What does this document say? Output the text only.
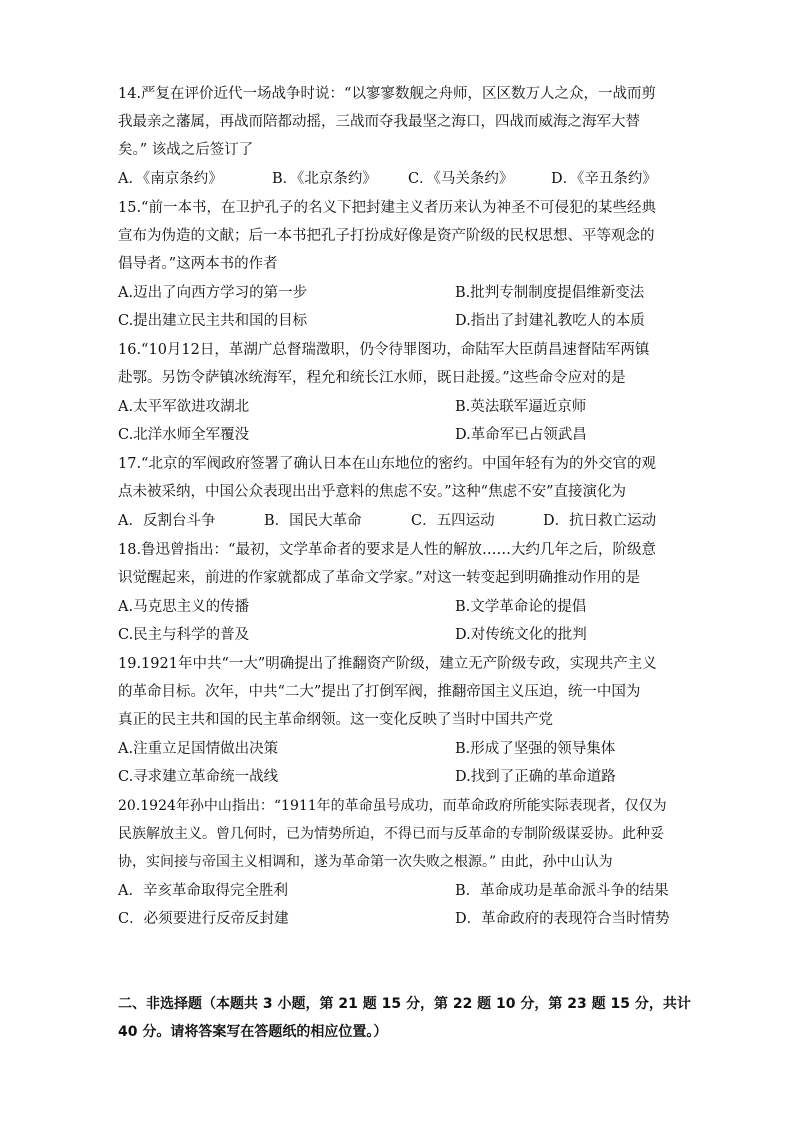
14.严复在评价近代一场战争时说：“以寥寥数舰之舟师，区区数万人之众，一战而剪
我最亲之藩属，再战而陪都动摇，三战而夺我最坚之海口，四战而威海之海军大替
矣。” 该战之后签订了
A．《南京条约》	B．《北京条约》 C．《马关条约》	D．《辛丑条约》
15.“前一本书，在卫护孔子的名义下把封建主义者历来认为神圣不可侵犯的某些经典
宣布为伪造的文献；后一本书把孔子打扮成好像是资产阶级的民权思想、平等观念的
倡导者。”这两本书的作者
A.迈出了向西方学习的第一步	B.批判专制制度提倡维新变法
C.提出建立民主共和国的目标	D.指出了封建礼教吃人的本质
16.“10月12日，革湖广总督瑞澂职，仍令待罪图功，命陆军大臣荫昌速督陆军两镇
赴鄂。另饬令萨镇冰统海军，程允和统长江水师，既日赴援。”这些命令应对的是
A.太平军欲进攻湖北	B.英法联军逼近京师
C.北洋水师全军覆没	D.革命军已占领武昌
17.“北京的军阀政府签署了确认日本在山东地位的密约。中国年轻有为的外交官的观
点未被采纳，中国公众表现出出乎意料的焦虑不安。”这种“焦虑不安”直接演化为
A．反割台斗争	B．国民大革命	C．五四运动	D．抗日救亡运动
18.鲁迅曾指出：“最初，文学革命者的要求是人性的解放……大约几年之后，阶级意
识觉醒起来，前进的作家就都成了革命文学家。”对这一转变起到明确推动作用的是
A.马克思主义的传播	B.文学革命论的提倡
C.民主与科学的普及	D.对传统文化的批判
19.1921年中共“一大”明确提出了推翻资产阶级，建立无产阶级专政，实现共产主义
的革命目标。次年，中共“二大”提出了打倒军阀，推翻帝国主义压迫，统一中国为
真正的民主共和国的民主革命纲领。这一变化反映了当时中国共产党
A.注重立足国情做出决策	B.形成了坚强的领导集体
C.寻求建立革命统一战线	D.找到了正确的革命道路
20.1924年孙中山指出：“1911年的革命虽号成功，而革命政府所能实际表现者，仅仅为
民族解放主义。曾几何时，已为情势所迫，不得已而与反革命的专制阶级谋妥协。此种妥
协，实间接与帝国主义相调和，遂为革命第一次失败之根源。” 由此，孙中山认为
A．辛亥革命取得完全胜利	B．革命成功是革命派斗争的结果
C．必须要进行反帝反封建	D．革命政府的表现符合当时情势
二、非选择题（本题共 3 小题，第 21 题 15 分，第 22 题 10 分，第 23 题 15 分，共计
40 分。请将答案写在答题纸的相应位置。）
